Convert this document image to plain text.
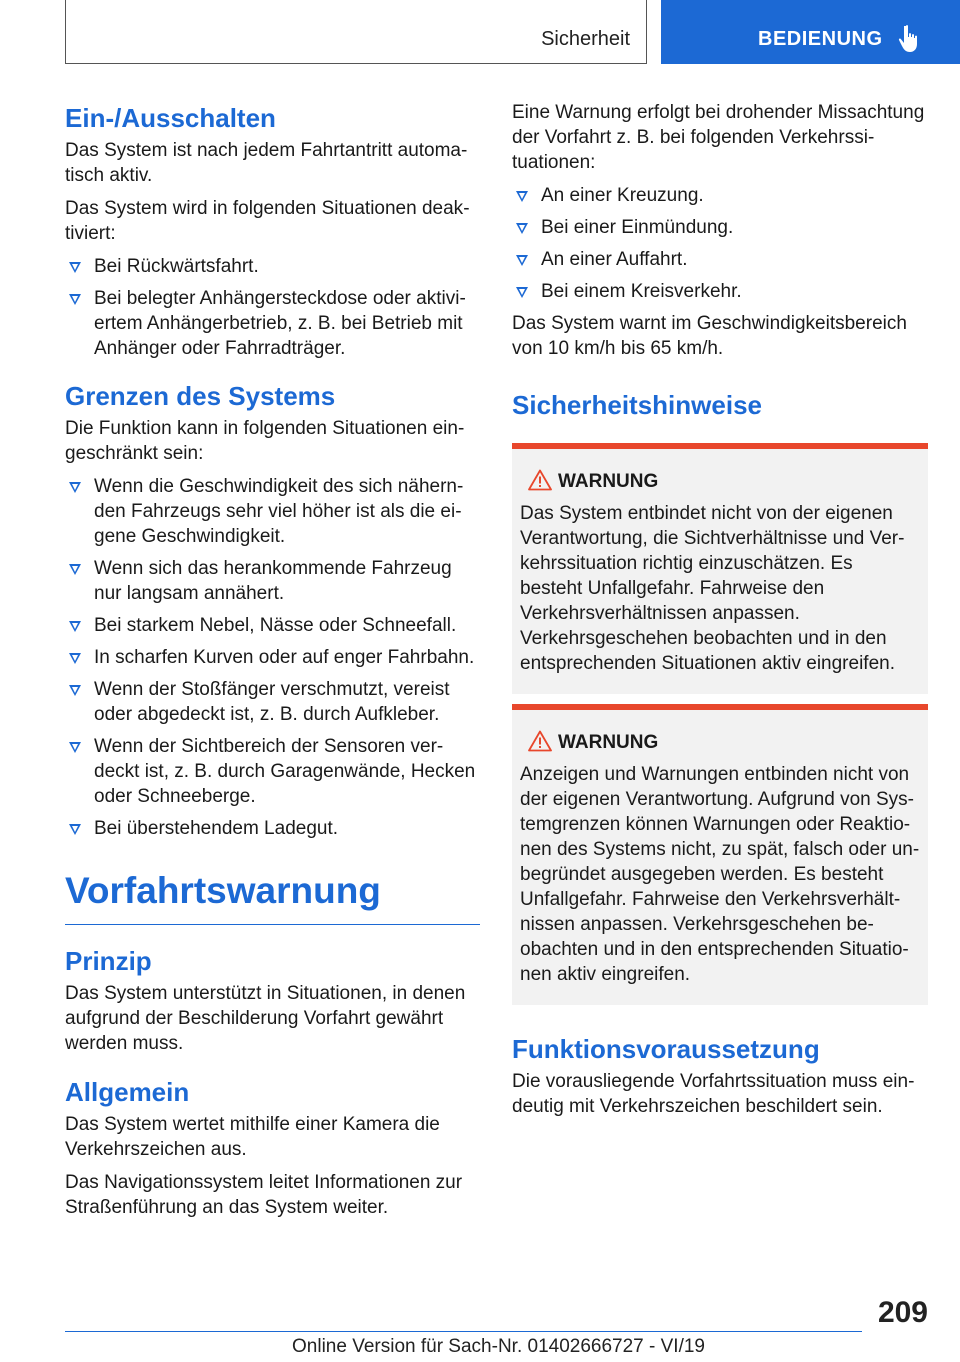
Sicherheit	BEDIENUNG
Ein-/Ausschalten

Das System ist nach jedem Fahrtantritt automatisch aktiv.

Das System wird in folgenden Situationen deaktiviert:

Bei Rückwärtsfahrt.
Bei belegter Anhängersteckdose oder aktiviertem Anhängerbetrieb, z. B. bei Betrieb mit Anhänger oder Fahrradträger.
Grenzen des Systems

Die Funktion kann in folgenden Situationen eingeschränkt sein:

Wenn die Geschwindigkeit des sich nähernden Fahrzeugs sehr viel höher ist als die eigene Geschwindigkeit.
Wenn sich das herankommende Fahrzeug nur langsam annähert.
Bei starkem Nebel, Nässe oder Schneefall.
In scharfen Kurven oder auf enger Fahrbahn.
Wenn der Stoßfänger verschmutzt, vereist oder abgedeckt ist, z. B. durch Aufkleber.
Wenn der Sichtbereich der Sensoren verdeckt ist, z. B. durch Garagenwände, Hecken oder Schneeberge.
Bei überstehendem Ladegut.
Vorfahrtswarnung
Prinzip

Das System unterstützt in Situationen, in denen aufgrund der Beschilderung Vorfahrt gewährt werden muss.

Allgemein

Das System wertet mithilfe einer Kamera die Verkehrszeichen aus.

Das Navigationssystem leitet Informationen zur Straßenführung an das System weiter.

Eine Warnung erfolgt bei drohender Missachtung der Vorfahrt z. B. bei folgenden Verkehrssituationen:

An einer Kreuzung.
Bei einer Einmündung.
An einer Auffahrt.
Bei einem Kreisverkehr.

Das System warnt im Geschwindigkeitsbereich von 10 km/h bis 65 km/h.

Sicherheitshinweise
WARNUNG

Das System entbindet nicht von der eigenen Verantwortung, die Sichtverhältnisse und Verkehrssituation richtig einzuschätzen. Es besteht Unfallgefahr. Fahrweise den Verkehrsverhältnissen anpassen. Verkehrsgeschehen beobachten und in den entsprechenden Situationen aktiv eingreifen.

WARNUNG

Anzeigen und Warnungen entbinden nicht von der eigenen Verantwortung. Aufgrund von Systemgrenzen können Warnungen oder Reaktionen des Systems nicht, zu spät, falsch oder unbegründet ausgegeben werden. Es besteht Unfallgefahr. Fahrweise den Verkehrsverhältnissen anpassen. Verkehrsgeschehen beobachten und in den entsprechenden Situationen aktiv eingreifen.

Funktionsvoraussetzung

Die vorausliegende Vorfahrtssituation muss eindeutig mit Verkehrszeichen beschildert sein.

209
Online Version für Sach-Nr. 01402666727 - VI/19
